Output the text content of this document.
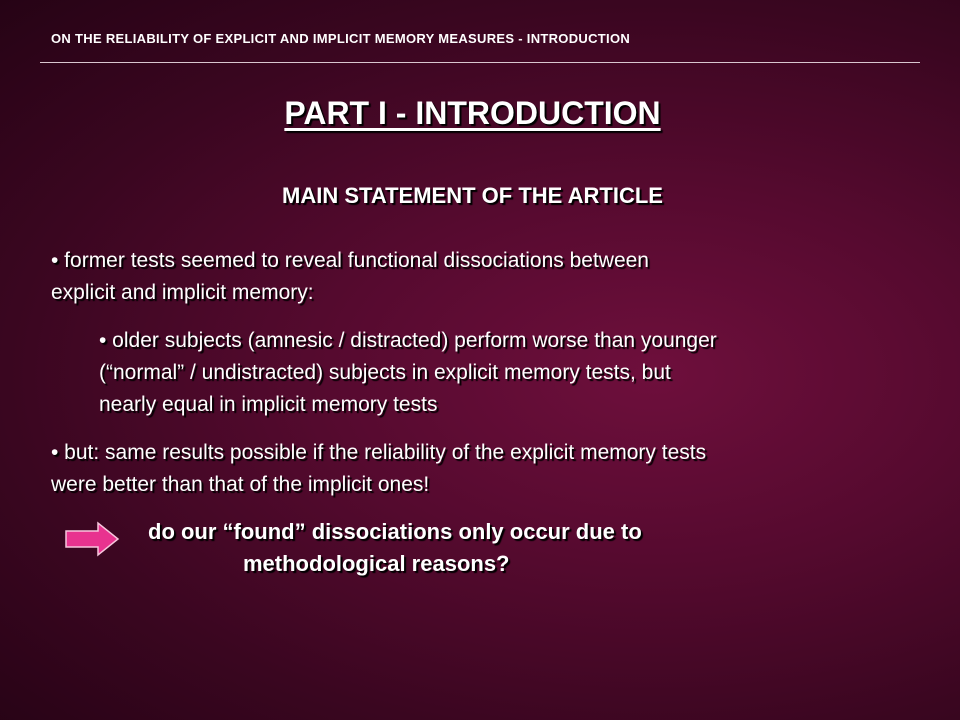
ON THE RELIABILITY OF EXPLICIT AND IMPLICIT MEMORY MEASURES - INTRODUCTION
PART I - INTRODUCTION
MAIN STATEMENT OF THE ARTICLE
• former tests seemed to reveal functional dissociations between
explicit and implicit memory:
• older subjects (amnesic / distracted) perform worse than younger
(“normal” / undistracted) subjects in explicit memory tests, but
nearly equal in implicit memory tests
• but: same results possible if the reliability of the explicit memory tests
were better than that of the implicit ones!
do our “found” dissociations only occur due to
methodological reasons?
